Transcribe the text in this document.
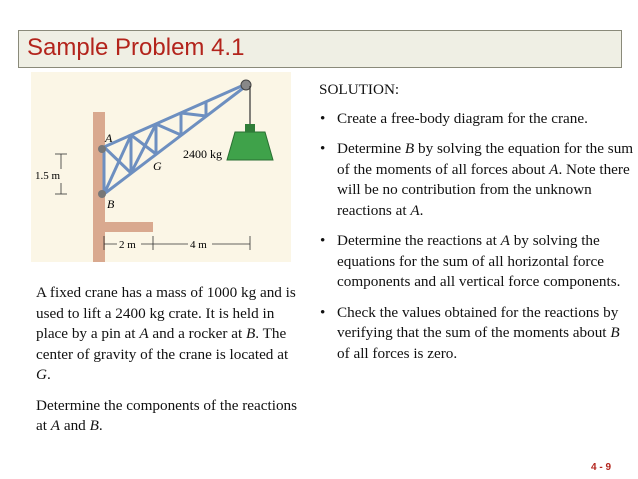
Sample Problem 4.1
A
B
G
2400 kg
1.5 m
2 m	4 m

A fixed crane has a mass of 1000 kg and is used to lift a 2400 kg crate. It is held in place by a pin at A and a rocker at B. The center of gravity of the crane is located at G.

Determine the components of the reactions at A and B.

SOLUTION:
• Create a free-body diagram for the crane.
• Determine B by solving the equation for the sum of the moments of all forces about A. Note there will be no contribution from the unknown reactions at A.
• Determine the reactions at A by solving the equations for the sum of all horizontal force components and all vertical force components.
• Check the values obtained for the reactions by verifying that the sum of the moments about B of all forces is zero.
4 - 9
